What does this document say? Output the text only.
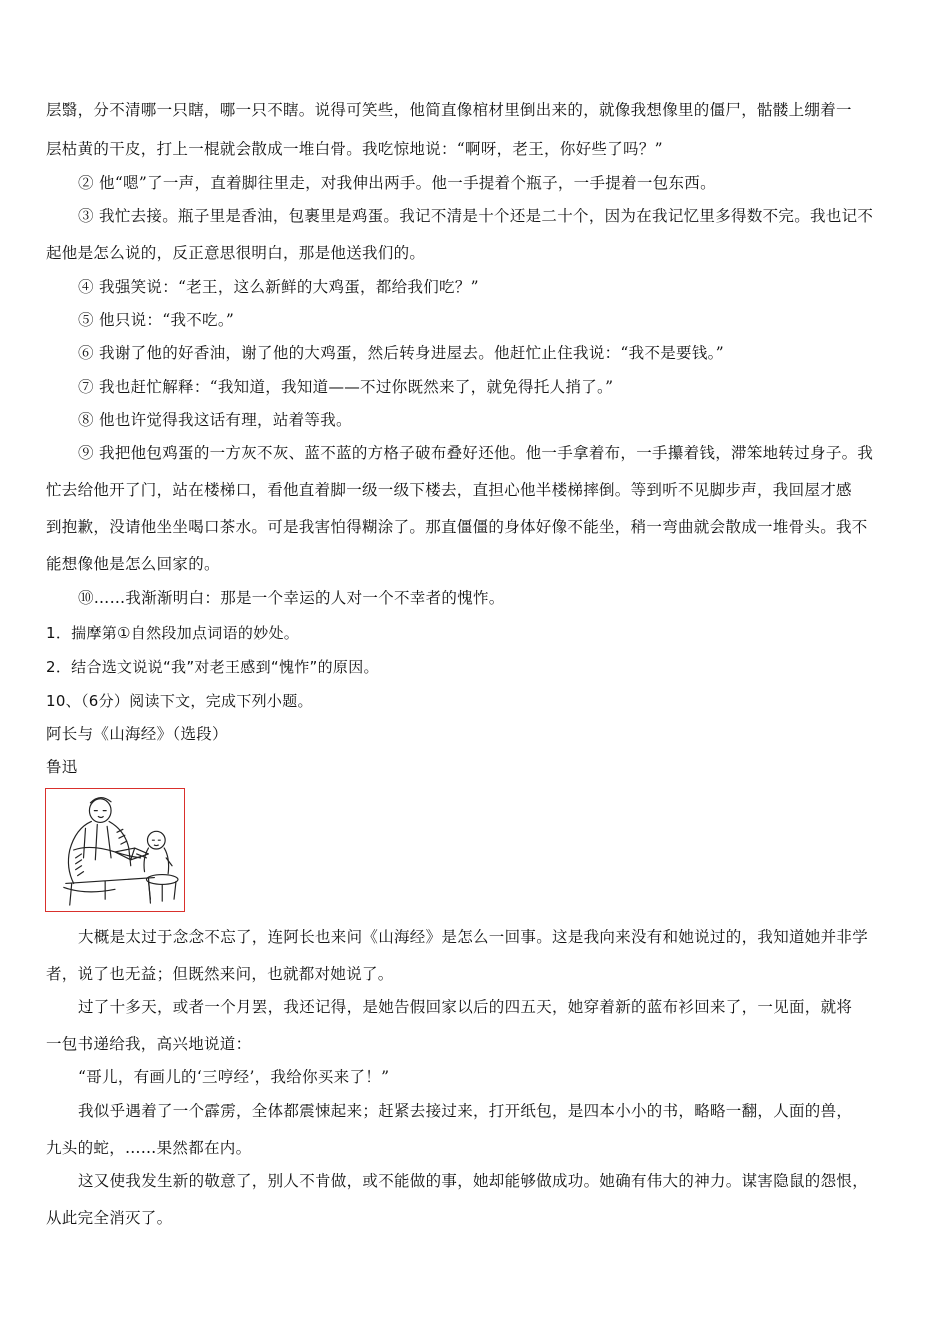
层翳，分不清哪一只瞎，哪一只不瞎。说得可笑些，他简直像棺材里倒出来的，就像我想像里的僵尸，骷髅上绷着一
层枯黄的干皮，打上一棍就会散成一堆白骨。我吃惊地说：“啊呀，老王，你好些了吗？”
② 他“嗯”了一声，直着脚往里走，对我伸出两手。他一手提着个瓶子，一手提着一包东西。
③ 我忙去接。瓶子里是香油，包裹里是鸡蛋。我记不清是十个还是二十个，因为在我记忆里多得数不完。我也记不
起他是怎么说的，反正意思很明白，那是他送我们的。
④ 我强笑说：“老王，这么新鲜的大鸡蛋，都给我们吃？”
⑤ 他只说：“我不吃。”
⑥ 我谢了他的好香油，谢了他的大鸡蛋，然后转身进屋去。他赶忙止住我说：“我不是要钱。”
⑦ 我也赶忙解释：“我知道，我知道——不过你既然来了，就免得托人捎了。”
⑧ 他也许觉得我这话有理，站着等我。
⑨ 我把他包鸡蛋的一方灰不灰、蓝不蓝的方格子破布叠好还他。他一手拿着布，一手攥着钱，滞笨地转过身子。我
忙去给他开了门，站在楼梯口，看他直着脚一级一级下楼去，直担心他半楼梯摔倒。等到听不见脚步声，我回屋才感
到抱歉，没请他坐坐喝口茶水。可是我害怕得糊涂了。那直僵僵的身体好像不能坐，稍一弯曲就会散成一堆骨头。我不
能想像他是怎么回家的。
⑩……我渐渐明白：那是一个幸运的人对一个不幸者的愧怍。
1．揣摩第①自然段加点词语的妙处。
2．结合选文说说“我”对老王感到“愧怍”的原因。
10、（6分）阅读下文，完成下列小题。
阿长与《山海经》（选段）
鲁迅
大概是太过于念念不忘了，连阿长也来问《山海经》是怎么一回事。这是我向来没有和她说过的，我知道她并非学
者，说了也无益；但既然来问，也就都对她说了。
过了十多天，或者一个月罢，我还记得，是她告假回家以后的四五天，她穿着新的蓝布衫回来了，一见面，就将
一包书递给我，高兴地说道：
“哥儿，有画儿的‘三哼经’，我给你买来了！”
我似乎遇着了一个霹雳，全体都震悚起来；赶紧去接过来，打开纸包，是四本小小的书，略略一翻，人面的兽，
九头的蛇，……果然都在内。
这又使我发生新的敬意了，别人不肯做，或不能做的事，她却能够做成功。她确有伟大的神力。谋害隐鼠的怨恨，
从此完全消灭了。
